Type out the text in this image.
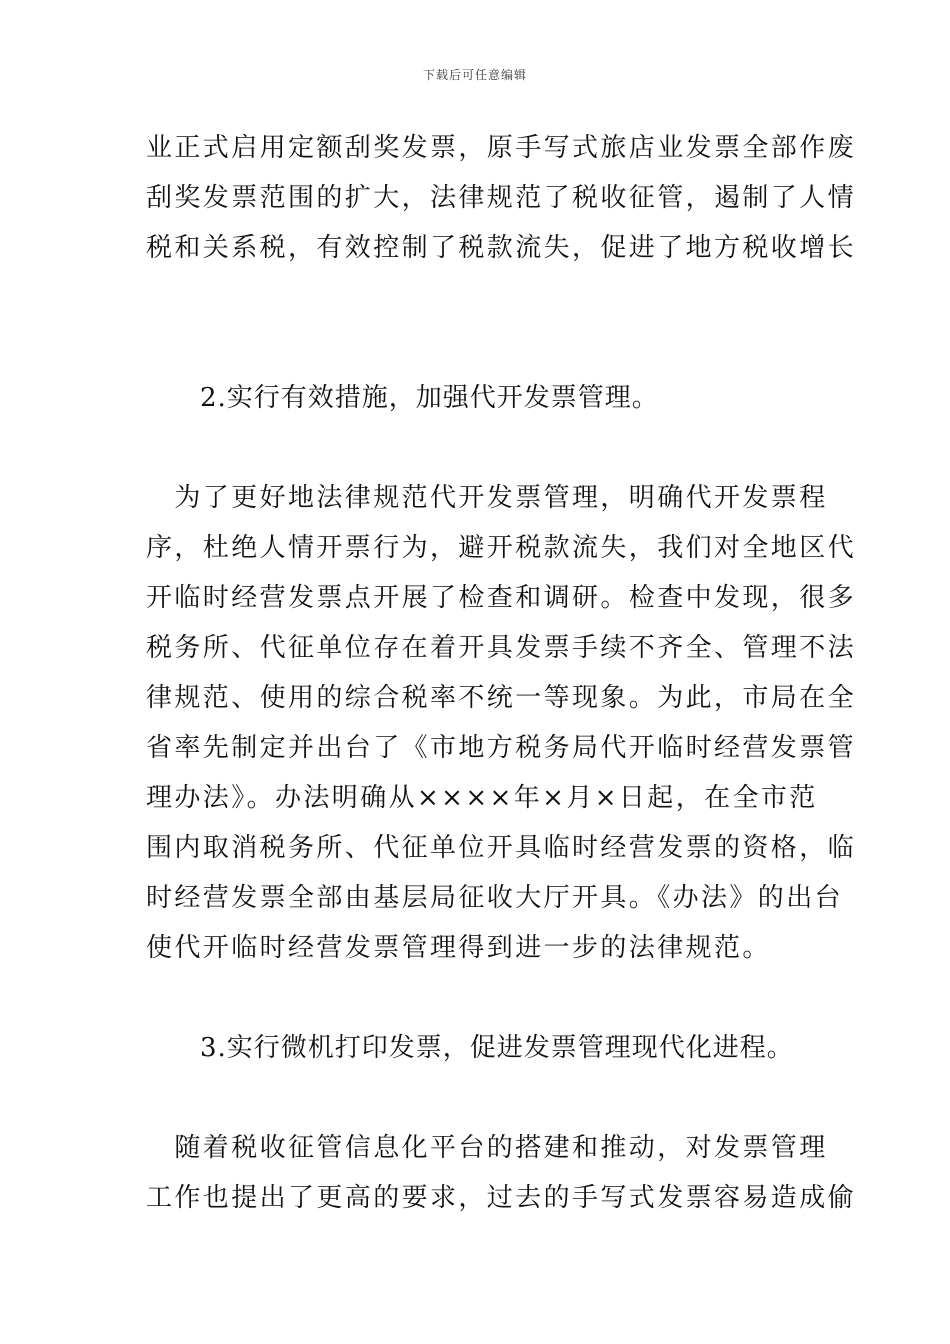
下载后可任意编辑
业正式启用定额刮奖发票，原手写式旅店业发票全部作废
刮奖发票范围的扩大，法律规范了税收征管，遏制了人情
税和关系税，有效控制了税款流失，促进了地方税收增长
2.实行有效措施，加强代开发票管理。
　为了更好地法律规范代开发票管理，明确代开发票程
序，杜绝人情开票行为，避开税款流失，我们对全地区代
开临时经营发票点开展了检查和调研。检查中发现，很多
税务所、代征单位存在着开具发票手续不齐全、管理不法
律规范、使用的综合税率不统一等现象。为此，市局在全
省率先制定并出台了《市地方税务局代开临时经营发票管
理办法》。办法明确从××××年×月×日起，在全市范
围内取消税务所、代征单位开具临时经营发票的资格，临
时经营发票全部由基层局征收大厅开具。《办法》的出台
使代开临时经营发票管理得到进一步的法律规范。
3.实行微机打印发票，促进发票管理现代化进程。
　随着税收征管信息化平台的搭建和推动，对发票管理
工作也提出了更高的要求，过去的手写式发票容易造成偷
